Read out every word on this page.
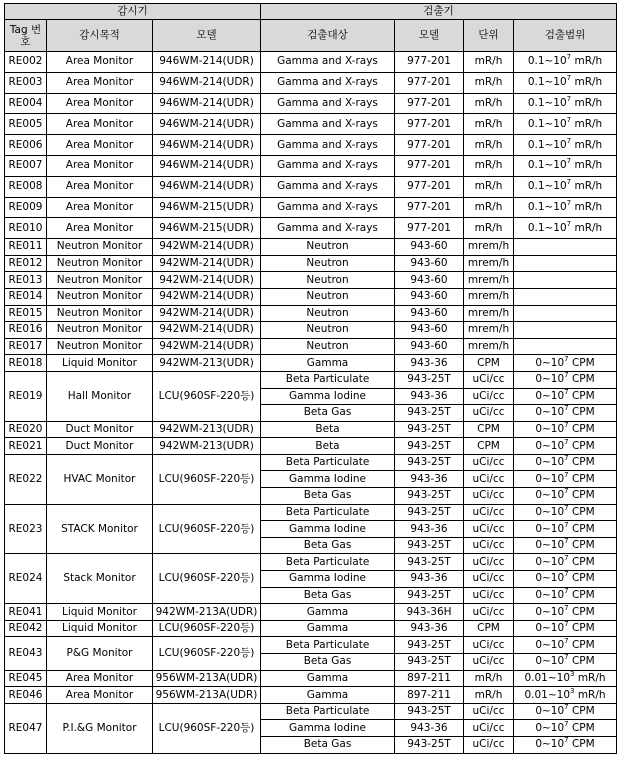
감시기			검출기			
Tag 번호	감시목적	모델	검출대상	모델	단위	검출범위
RE002	Area Monitor	946WM-214(UDR)	Gamma and X-rays	977-201	mR/h	$0.1\sim 10^7$ mR/h
RE003	Area Monitor	946WM-214(UDR)	Gamma and X-rays	977-201	mR/h	$0.1\sim 10^7$ mR/h
RE004	Area Monitor	946WM-214(UDR)	Gamma and X-rays	977-201	mR/h	$0.1\sim 10^7$ mR/h
RE005	Area Monitor	946WM-214(UDR)	Gamma and X-rays	977-201	mR/h	$0.1\sim 10^7$ mR/h
RE006	Area Monitor	946WM-214(UDR)	Gamma and X-rays	977-201	mR/h	$0.1\sim 10^7$ mR/h
RE007	Area Monitor	946WM-214(UDR)	Gamma and X-rays	977-201	mR/h	$0.1\sim 10^7$ mR/h
RE008	Area Monitor	946WM-214(UDR)	Gamma and X-rays	977-201	mR/h	$0.1\sim 10^7$ mR/h
RE009	Area Monitor	946WM-215(UDR)	Gamma and X-rays	977-201	mR/h	$0.1\sim 10^7$ mR/h
RE010	Area Monitor	946WM-215(UDR)	Gamma and X-rays	977-201	mR/h	$0.1\sim 10^7$ mR/h
RE011	Neutron Monitor	942WM-214(UDR)	Neutron	943-60	mrem/h	
RE012	Neutron Monitor	942WM-214(UDR)	Neutron	943-60	mrem/h	
RE013	Neutron Monitor	942WM-214(UDR)	Neutron	943-60	mrem/h	
RE014	Neutron Monitor	942WM-214(UDR)	Neutron	943-60	mrem/h	
RE015	Neutron Monitor	942WM-214(UDR)	Neutron	943-60	mrem/h	
RE016	Neutron Monitor	942WM-214(UDR)	Neutron	943-60	mrem/h	
RE017	Neutron Monitor	942WM-214(UDR)	Neutron	943-60	mrem/h	
RE018	Liquid Monitor	942WM-213(UDR)	Gamma	943-36	CPM	$0\sim 10^7$ CPM
RE019	Hall Monitor	LCU(960SF-220등)	Beta Particulate	943-25T	uCi/cc	$0\sim 10^7$ CPM
			Gamma Iodine	943-36	uCi/cc	$0\sim 10^7$ CPM
			Beta Gas	943-25T	uCi/cc	$0\sim 10^7$ CPM
RE020	Duct Monitor	942WM-213(UDR)	Beta	943-25T	CPM	$0\sim 10^7$ CPM
RE021	Duct Monitor	942WM-213(UDR)	Beta	943-25T	CPM	$0\sim 10^7$ CPM
RE022	HVAC Monitor	LCU(960SF-220등)	Beta Particulate	943-25T	uCi/cc	$0\sim 10^7$ CPM
			Gamma Iodine	943-36	uCi/cc	$0\sim 10^7$ CPM
			Beta Gas	943-25T	uCi/cc	$0\sim 10^7$ CPM
RE023	STACK Monitor	LCU(960SF-220등)	Beta Particulate	943-25T	uCi/cc	$0\sim 10^7$ CPM
			Gamma Iodine	943-36	uCi/cc	$0\sim 10^7$ CPM
			Beta Gas	943-25T	uCi/cc	$0\sim 10^7$ CPM
RE024	Stack Monitor	LCU(960SF-220등)	Beta Particulate	943-25T	uCi/cc	$0\sim 10^7$ CPM
			Gamma Iodine	943-36	uCi/cc	$0\sim 10^7$ CPM
			Beta Gas	943-25T	uCi/cc	$0\sim 10^7$ CPM
RE041	Liquid Monitor	942WM-213A(UDR)	Gamma	943-36H	uCi/cc	$0\sim 10^7$ CPM
RE042	Liquid Monitor	LCU(960SF-220등)	Gamma	943-36	CPM	$0\sim 10^7$ CPM
RE043	P&G Monitor	LCU(960SF-220등)	Beta Particulate	943-25T	uCi/cc	$0\sim 10^7$ CPM
			Beta Gas	943-25T	uCi/cc	$0\sim 10^7$ CPM
RE045	Area Monitor	956WM-213A(UDR)	Gamma	897-211	mR/h	$0.01\sim 10^3$ mR/h
RE046	Area Monitor	956WM-213A(UDR)	Gamma	897-211	mR/h	$0.01\sim 10^3$ mR/h
RE047	P.I.&G Monitor	LCU(960SF-220등)	Beta Particulate	943-25T	uCi/cc	$0\sim 10^7$ CPM
			Gamma Iodine	943-36	uCi/cc	$0\sim 10^7$ CPM
			Beta Gas	943-25T	uCi/cc	$0\sim 10^7$ CPM
